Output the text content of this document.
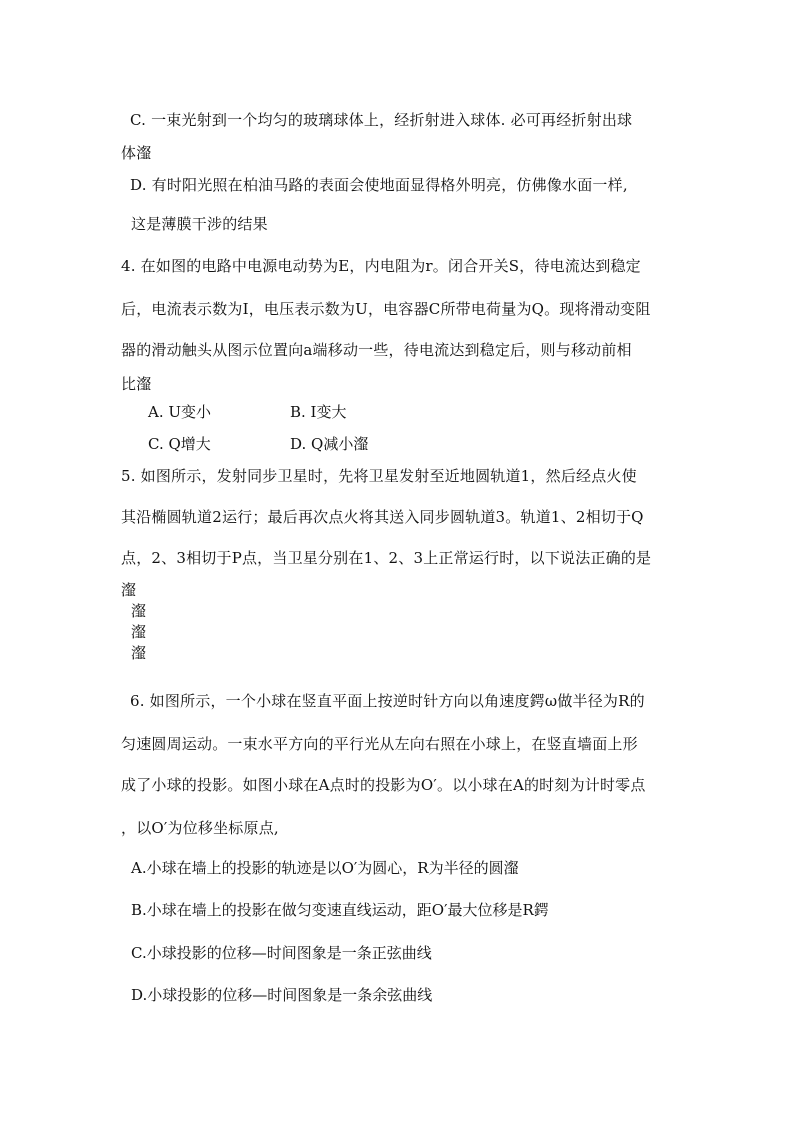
C. 一束光射到一个均匀的玻璃球体上，经折射进入球体. 必可再经折射出球
体瀣
D. 有时阳光照在柏油马路的表面会使地面显得格外明亮，仿佛像水面一样,
这是薄膜干涉的结果
4. 在如图的电路中电源电动势为E，内电阻为r。闭合开关S，待电流达到稳定
后，电流表示数为I，电压表示数为U，电容器C所带电荷量为Q。现将滑动变阻
器的滑动触头从图示位置向a端移动一些，待电流达到稳定后，则与移动前相
比瀣
A. U变小	B. I变大
C. Q增大	D. Q减小瀣
5. 如图所示，发射同步卫星时，先将卫星发射至近地圆轨道1，然后经点火使
其沿椭圆轨道2运行；最后再次点火将其送入同步圆轨道3。轨道1、2相切于Q
点，2、3相切于P点，当卫星分别在1、2、3上正常运行时，以下说法正确的是
瀣
瀣
瀣
瀣
6. 如图所示，一个小球在竖直平面上按逆时针方向以角速度鍔ω做半径为R的
匀速圆周运动。一束水平方向的平行光从左向右照在小球上，在竖直墙面上形
成了小球的投影。如图小球在A点时的投影为O′。以小球在A的时刻为计时零点
，以O′为位移坐标原点,
A.小球在墙上的投影的轨迹是以O′为圆心，R为半径的圆瀣
B.小球在墙上的投影在做匀变速直线运动，距O′最大位移是R鍔
C.小球投影的位移—时间图象是一条正弦曲线
D.小球投影的位移—时间图象是一条余弦曲线
